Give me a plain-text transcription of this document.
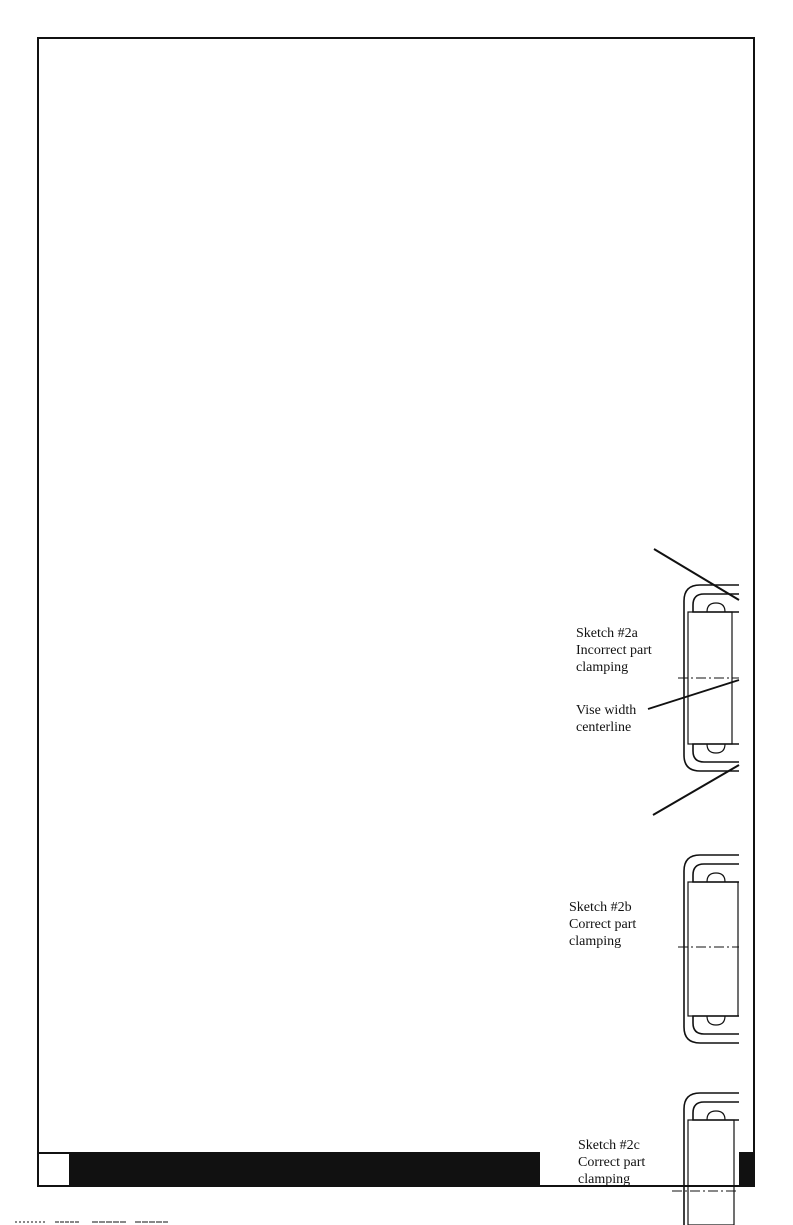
Sketch #2a
Incorrect part
clamping
Vise width
centerline
Sketch #2b
Correct part
clamping
Sketch #2c
Correct part
clamping
